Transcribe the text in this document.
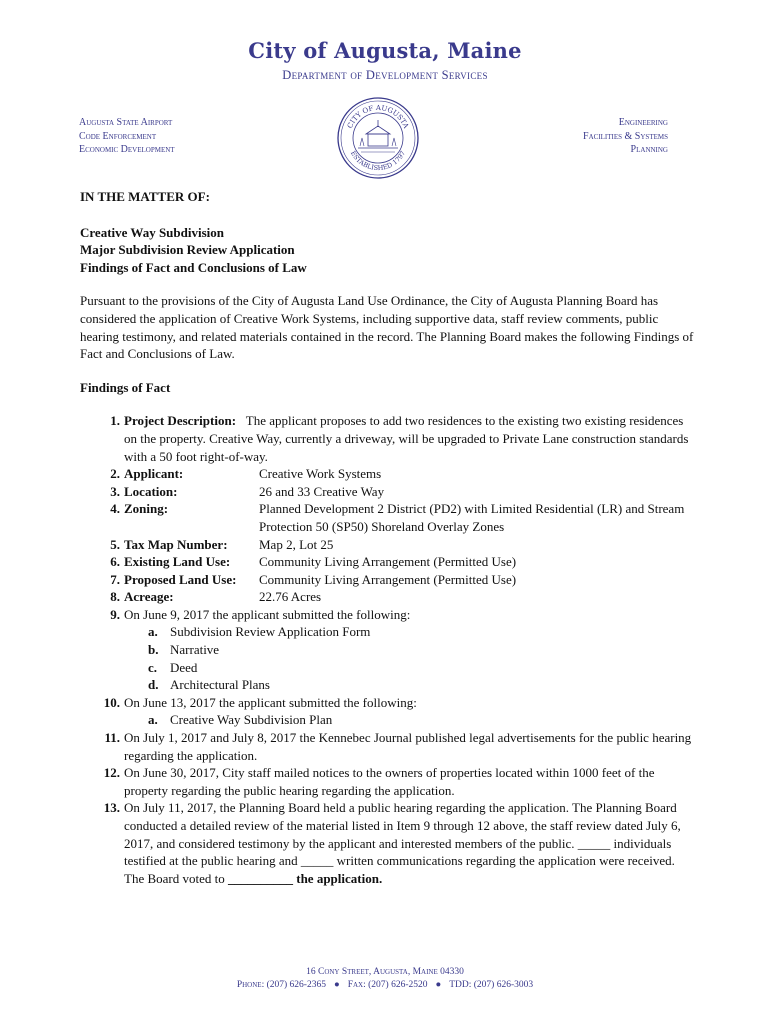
City of Augusta, Maine
Department of Development Services
Augusta State Airport
Code Enforcement
Economic Development
CITY OF AUGUSTA
ESTABLISHED 1797
Engineering
Facilities & Systems
Planning
IN THE MATTER OF:
Creative Way Subdivision
Major Subdivision Review Application
Findings of Fact and Conclusions of Law
Pursuant to the provisions of the City of Augusta Land Use Ordinance, the City of Augusta Planning Board has considered the application of Creative Work Systems, including supportive data, staff review comments, public hearing testimony, and related materials contained in the record. The Planning Board makes the following Findings of Fact and Conclusions of Law.
Findings of Fact
1. Project Description: The applicant proposes to add two residences to the existing two existing residences on the property. Creative Way, currently a driveway, will be upgraded to Private Lane construction standards with a 50 foot right-of-way.
2. Applicant:	Creative Work Systems
3. Location:	26 and 33 Creative Way
4. Zoning:	Planned Development 2 District (PD2) with Limited Residential (LR) and Stream Protection 50 (SP50) Shoreland Overlay Zones
5. Tax Map Number:	Map 2, Lot 25
6. Existing Land Use:	Community Living Arrangement (Permitted Use)
7. Proposed Land Use:	Community Living Arrangement (Permitted Use)
8. Acreage:	22.76 Acres
9. On June 9, 2017 the applicant submitted the following:
a. Subdivision Review Application Form
b. Narrative
c. Deed
d. Architectural Plans
10. On June 13, 2017 the applicant submitted the following:
a. Creative Way Subdivision Plan
11. On July 1, 2017 and July 8, 2017 the Kennebec Journal published legal advertisements for the public hearing regarding the application.
12. On June 30, 2017, City staff mailed notices to the owners of properties located within 1000 feet of the property regarding the public hearing regarding the application.
13. On July 11, 2017, the Planning Board held a public hearing regarding the application. The Planning Board conducted a detailed review of the material listed in Item 9 through 12 above, the staff review dated July 6, 2017, and considered testimony by the applicant and interested members of the public. _____ individuals testified at the public hearing and _____ written communications regarding the application were received. The Board voted to __________ the application.
16 Cony Street, Augusta, Maine 04330
Phone: (207) 626-2365 ● Fax: (207) 626-2520 ● TDD: (207) 626-3003
